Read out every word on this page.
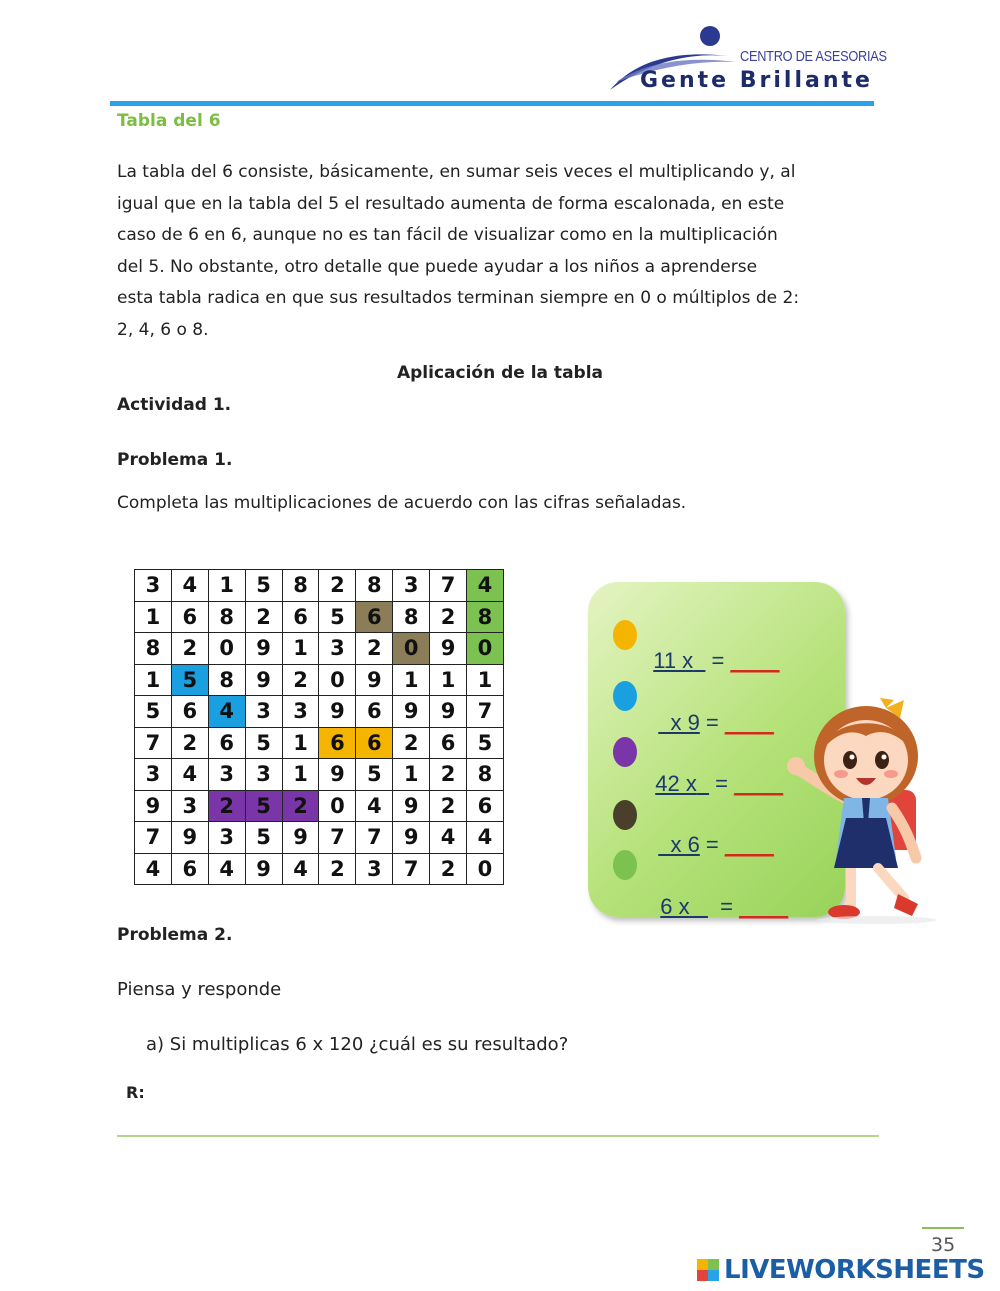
CENTRO DE ASESORIAS
Gente Brillante
Tabla del 6
La tabla del 6 consiste, básicamente, en sumar seis veces el multiplicando y, al
igual que en la tabla del 5 el resultado aumenta de forma escalonada, en este
caso de 6 en 6, aunque no es tan fácil de visualizar como en la multiplicación
del 5. No obstante, otro detalle que puede ayudar a los niños a aprenderse
esta tabla radica en que sus resultados terminan siempre en 0 o múltiplos de 2:
2, 4, 6 o 8.
Aplicación de la tabla
Actividad 1.
Problema 1.
Completa las multiplicaciones de acuerdo con las cifras señaladas.
3	4	1	5	8	2	8	3	7	4
1	6	8	2	6	5	6	8	2	8
8	2	0	9	1	3	2	0	9	0
1	5	8	9	2	0	9	1	1	1
5	6	4	3	3	9	6	9	9	7
7	2	6	5	1	6	6	2	6	5
3	4	3	3	1	9	5	1	2	8
9	3	2	5	2	0	4	9	2	6
7	9	3	5	9	7	7	9	4	4
4	6	4	9	4	2	3	7	2	0

11 x   = ____

x 9 = ____

42 x   = ____

x 6 = ____

6 x     = ____

Problema 2.
Piensa y responde
a) Si multiplicas 6 x 120 ¿cuál es su resultado?
R:
35
LIVEWORKSHEETS
